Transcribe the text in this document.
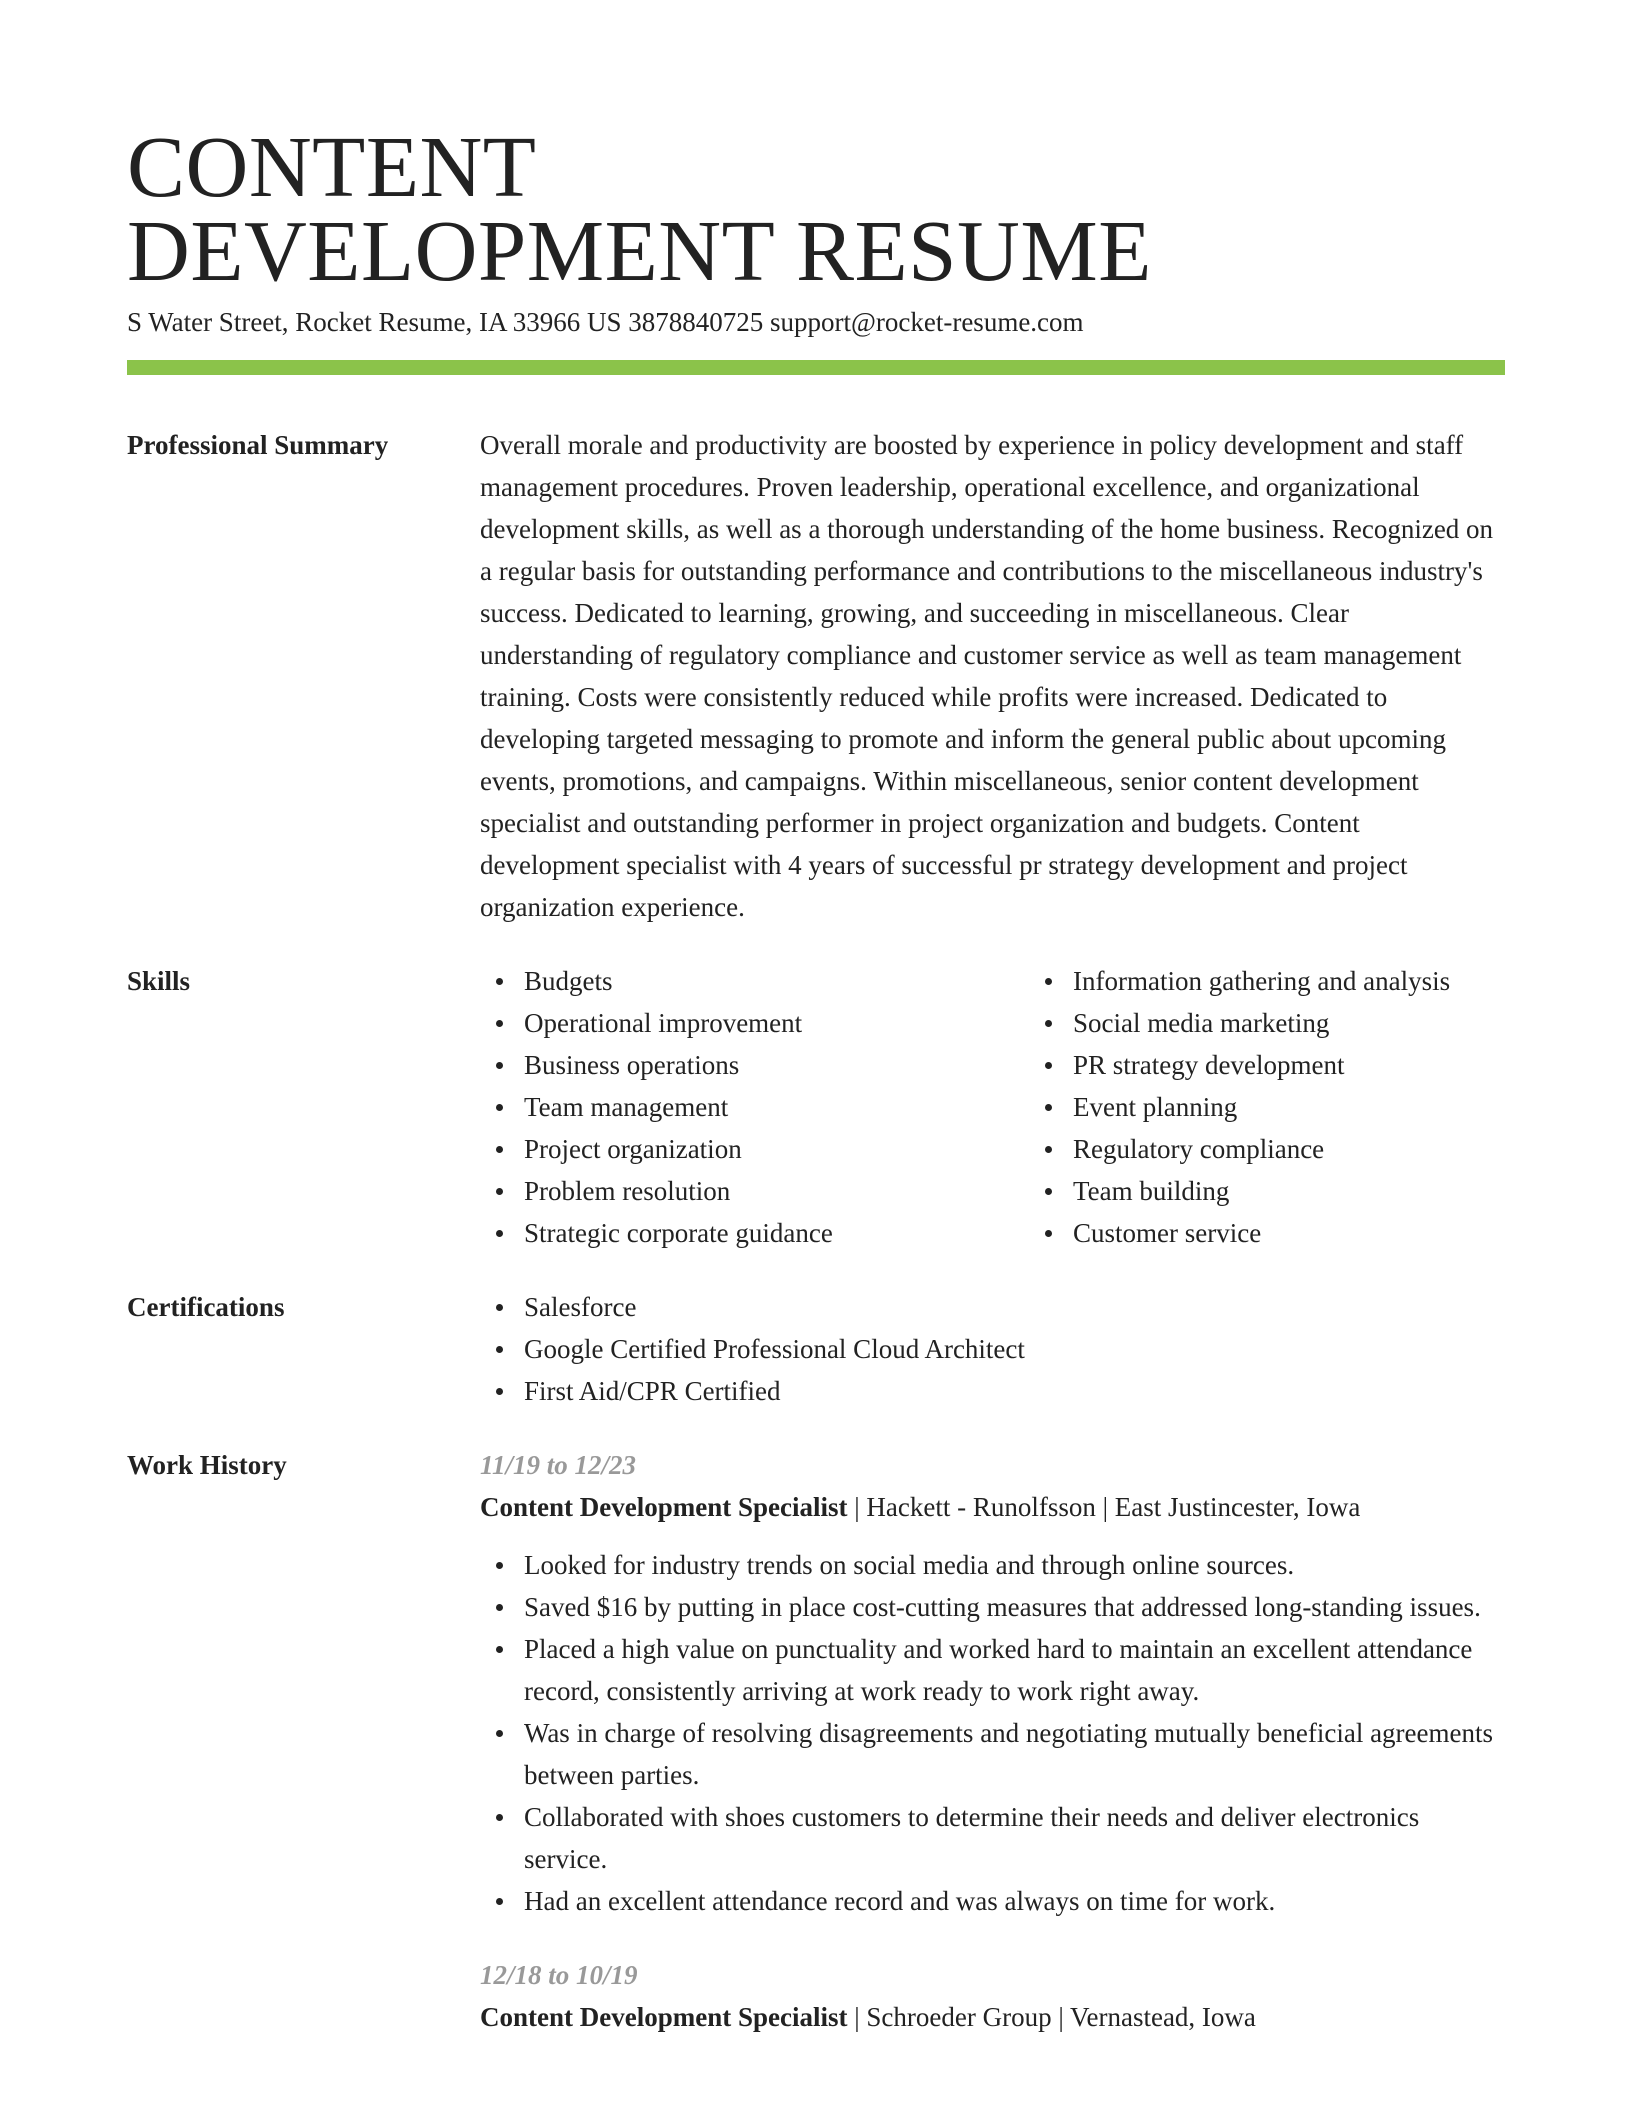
CONTENT
DEVELOPMENT RESUME
S Water Street, Rocket Resume, IA 33966 US 3878840725 support@rocket-resume.com
Professional Summary	Overall morale and productivity are boosted by experience in policy development and staff management procedures. Proven leadership, operational excellence, and organizational development skills, as well as a thorough understanding of the home business. Recognized on a regular basis for outstanding performance and contributions to the miscellaneous industry's success. Dedicated to learning, growing, and succeeding in miscellaneous. Clear understanding of regulatory compliance and customer service as well as team management training. Costs were consistently reduced while profits were increased. Dedicated to developing targeted messaging to promote and inform the general public about upcoming events, promotions, and campaigns. Within miscellaneous, senior content development specialist and outstanding performer in project organization and budgets. Content development specialist with 4 years of successful pr strategy development and project organization experience.
Skills	Budgets
Operational improvement
Business operations
Team management
Project organization
Problem resolution
Strategic corporate guidance
Information gathering and analysis
Social media marketing
PR strategy development
Event planning
Regulatory compliance
Team building
Customer service
Certifications	Salesforce
Google Certified Professional Cloud Architect
First Aid/CPR Certified
Work History	11/19 to 12/23
Content Development Specialist | Hackett - Runolfsson | East Justincester, Iowa
Looked for industry trends on social media and through online sources.
Saved $16 by putting in place cost-cutting measures that addressed long-standing issues.
Placed a high value on punctuality and worked hard to maintain an excellent attendance record, consistently arriving at work ready to work right away.
Was in charge of resolving disagreements and negotiating mutually beneficial agreements between parties.
Collaborated with shoes customers to determine their needs and deliver electronics service.
Had an excellent attendance record and was always on time for work.
12/18 to 10/19
Content Development Specialist | Schroeder Group | Vernastead, Iowa
